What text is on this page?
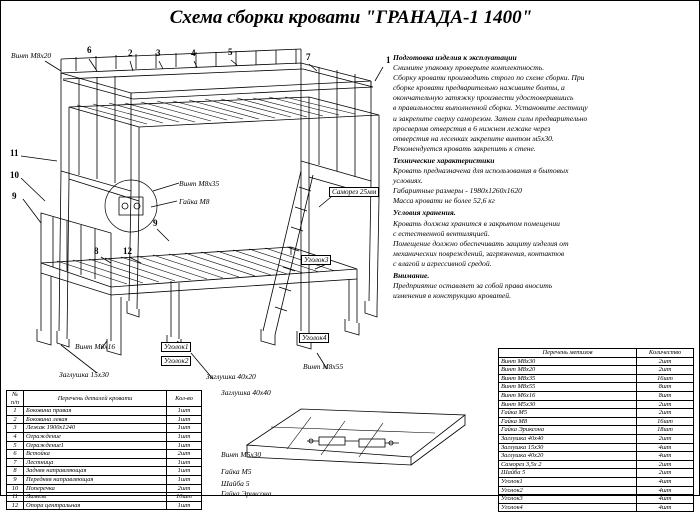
Схема сборки кровати "ГРАНАДА-1 1400"

Подготовка изделия к эксплуатации

Снимите упаковку проверьте комплектность.

Сборку кровати производить строго по схеме сборки. При

сборке кровати предварительно наживите болты, а

окончательную затяжку произвести удостоверившись

в правильности выполненной сборки. Установите лестницу

и закрепите сверху саморезом. Затем силы предварительно

просверлив отверстия в 6 нижнем лежаке через

отверстия на лесенках закрепите винтом м5х30.

Рекомендуется кровать закрепить к стене.

Технические характеристики

Кровать предназначена для использования в бытовых

условиях.

Габаритные размеры - 1980х1260х1620

Масса кровати не более 52,6 кг

Условия хранения.

Кровать должна хранится в закрытом помещении

с естественной вентиляцией.

Помещение должно обеспечивать защиту изделия от

механических повреждений, загрязнения, контактов

с влагой и агрессивной средой.

Внимание.

Предприятие оставляет за собой права вносить

изменения в конструкцию кроватей.

Винт М8х20
Винт М8х35
Гайка М8
Саморез 25мм
Уголок3
Уголок4
Винт М6х16	Уголок1
Уголок2
Заглушка 15х30	Заглушка 40х20
Винт М8х55
Заглушка 40х40
Винт М5х30
Гайка М5
Шайба 5
Гайка Эриксона
6	2	3	4	5	7	1
11
10
9
9
8	12
№ п/п	Перечень деталей кровати	Кол-во
1	Боковина правая	1шт
2	Боковина левая	1шт
3	Лежак 1900х1240	1шт
4	Ограждение	1шт
5	Ограждение1	1шт
6	Встойка	2шт
7	Лестница	1шт
8	Задняя направляющая	1шт
9	Передняя направляющая	1шт
10	Поперечка	2шт
11	Ламель	10шт
12	Опора центральная	1шт
Перечень метизов	Количество
Винт М8х30	2шт
Винт М8х20	2шт
Винт М8х35	16шт
Винт М8х55	8шт
Винт М6х16	8шт
Винт М5х30	2шт
Гайка М5	2шт
Гайка М8	16шт
Гайка Эриксона	18шт
Заглушка 40х40	2шт
Заглушка 15х30	4шт
Заглушка 40х20	4шт
Саморез 3,5х 2	2шт
Шайба 5	2шт
Уголок1	4шт
Уголок2	4шт
Уголок3	4шт
Уголок4	4шт
